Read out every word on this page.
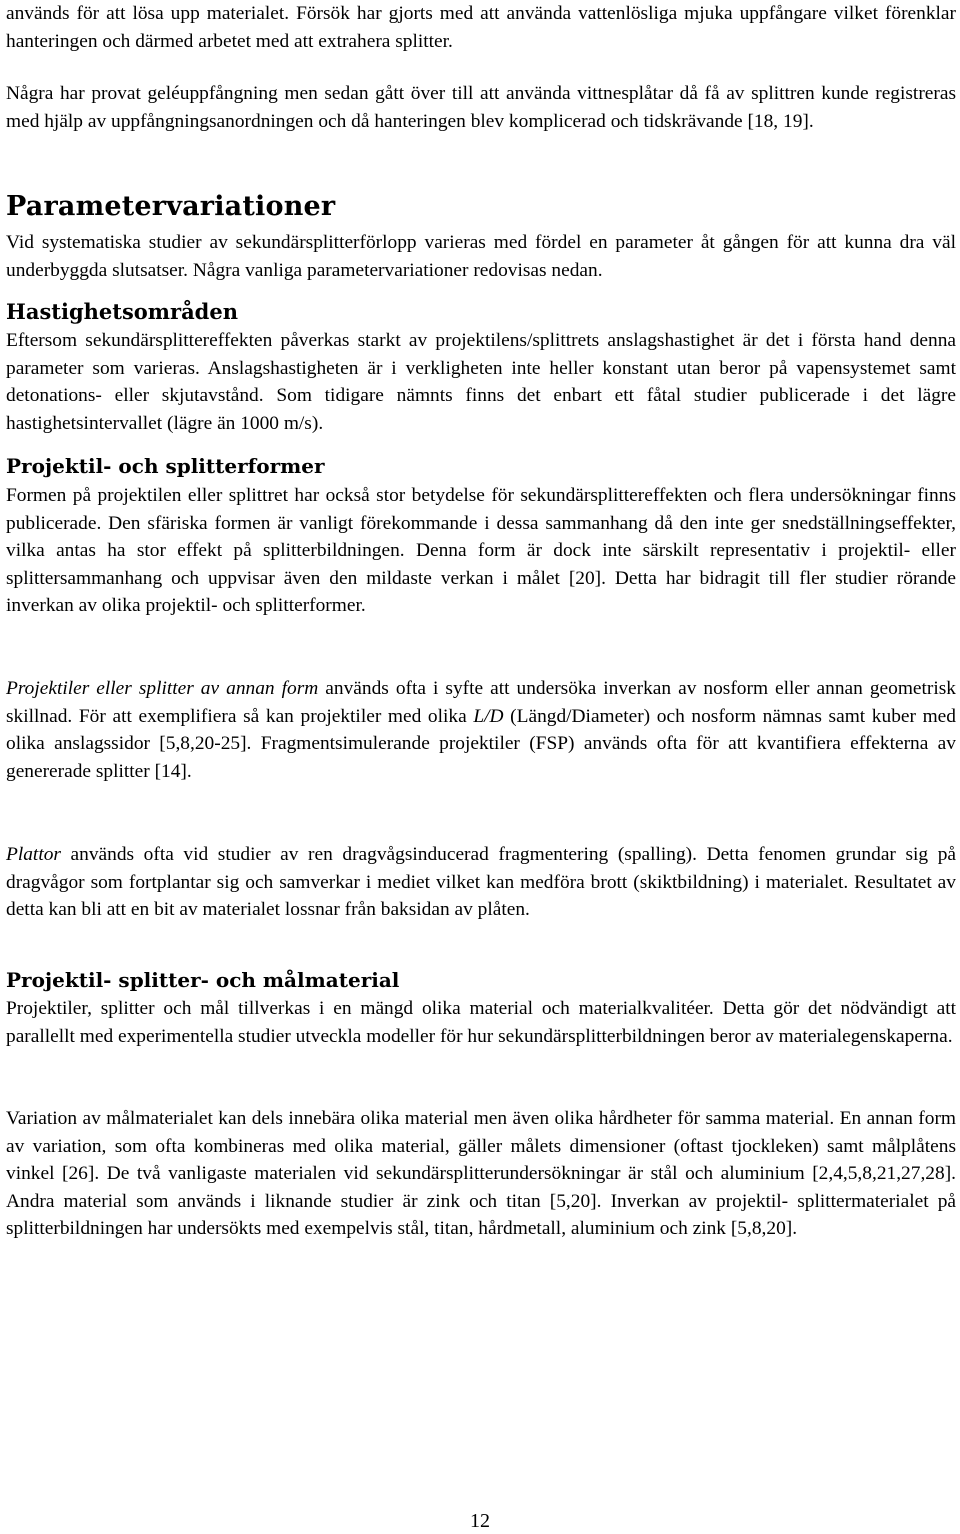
används för att lösa upp materialet. Försök har gjorts med att använda vattenlösliga mjuka uppfångare vilket förenklar hanteringen och därmed arbetet med att extrahera splitter.

Några har provat geléuppfångning men sedan gått över till att använda vittnesplåtar då få av splittren kunde registreras med hjälp av uppfångningsanordningen och då hanteringen blev komplicerad och tidskrävande [18, 19].

Parametervariationer

Vid systematiska studier av sekundärsplitterförlopp varieras med fördel en parameter åt gången för att kunna dra väl underbyggda slutsatser. Några vanliga parametervariationer redovisas nedan.

Hastighetsområden

Eftersom sekundärsplittereffekten påverkas starkt av projektilens/splittrets anslagshastighet är det i första hand denna parameter som varieras. Anslagshastigheten är i verkligheten inte heller konstant utan beror på vapensystemet samt detonations- eller skjutavstånd. Som tidigare nämnts finns det enbart ett fåtal studier publicerade i det lägre hastighetsintervallet (lägre än 1000 m/s).

Projektil- och splitterformer

Formen på projektilen eller splittret har också stor betydelse för sekundärsplittereffekten och flera undersökningar finns publicerade. Den sfäriska formen är vanligt förekommande i dessa sammanhang då den inte ger snedställningseffekter, vilka antas ha stor effekt på splitterbildningen. Denna form är dock inte särskilt representativ i projektil- eller splittersammanhang och uppvisar även den mildaste verkan i målet [20]. Detta har bidragit till fler studier rörande inverkan av olika projektil- och splitterformer.

Projektiler eller splitter av annan form används ofta i syfte att undersöka inverkan av nosform eller annan geometrisk skillnad. För att exemplifiera så kan projektiler med olika L/D (Längd/Diameter) och nosform nämnas samt kuber med olika anslagssidor [5,8,20-25]. Fragmentsimulerande projektiler (FSP) används ofta för att kvantifiera effekterna av genererade splitter [14].

Plattor används ofta vid studier av ren dragvågsinducerad fragmentering (spalling). Detta fenomen grundar sig på dragvågor som fortplantar sig och samverkar i mediet vilket kan medföra brott (skiktbildning) i materialet. Resultatet av detta kan bli att en bit av materialet lossnar från baksidan av plåten.

Projektil- splitter- och målmaterial

Projektiler, splitter och mål tillverkas i en mängd olika material och materialkvalitéer. Detta gör det nödvändigt att parallellt med experimentella studier utveckla modeller för hur sekundärsplitterbildningen beror av materialegenskaperna.

Variation av målmaterialet kan dels innebära olika material men även olika hårdheter för samma material. En annan form av variation, som ofta kombineras med olika material, gäller målets dimensioner (oftast tjockleken) samt målplåtens vinkel [26]. De två vanligaste materialen vid sekundärsplitterundersökningar är stål och aluminium [2,4,5,8,21,27,28]. Andra material som används i liknande studier är zink och titan [5,20]. Inverkan av projektil- splittermaterialet på splitterbildningen har undersökts med exempelvis stål, titan, hårdmetall, aluminium och zink [5,8,20].

12
